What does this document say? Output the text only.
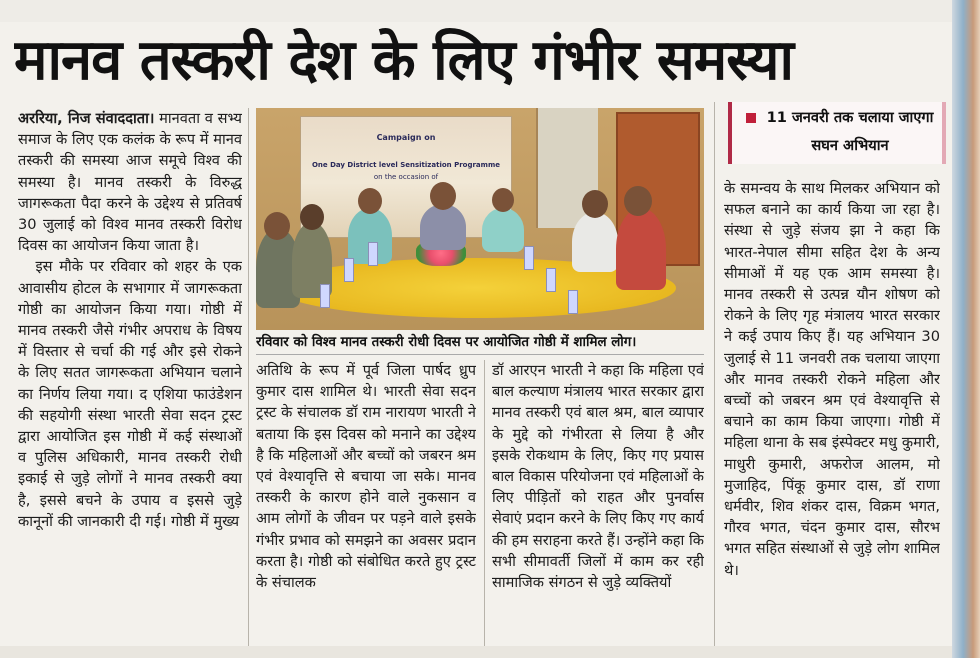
मानव तस्करी देश के लिए गंभीर समस्या

अररिया, निज संवाददाता। मानवता व सभ्य समाज के लिए एक कलंक के रूप में मानव तस्करी की समस्या आज समूचे विश्व की समस्या है। मानव तस्करी के विरुद्ध जागरूकता पैदा करने के उद्देश्य से प्रतिवर्ष 30 जुलाई को विश्व मानव तस्करी विरोध दिवस का आयोजन किया जाता है।

इस मौके पर रविवार को शहर के एक आवासीय होटल के सभागार में जागरूकता गोष्ठी का आयोजन किया गया। गोष्ठी में मानव तस्करी जैसे गंभीर अपराध के विषय में विस्तार से चर्चा की गई और इसे रोकने के लिए सतत जागरूकता अभियान चलाने का निर्णय लिया गया। द एशिया फाउंडेशन की सहयोगी संस्था भारती सेवा सदन ट्रस्ट द्वारा आयोजित इस गोष्ठी में कई संस्थाओं व पुलिस अधिकारी, मानव तस्करी रोधी इकाई से जुड़े लोगों ने मानव तस्करी क्या है, इससे बचने के उपाय व इससे जुड़े कानूनों की जानकारी दी गई। गोष्ठी में मुख्य

Campaign on
One Day District level Sensitization Programme
on the occasion of
रविवार को विश्व मानव तस्करी रोधी दिवस पर आयोजित गोष्ठी में शामिल लोग।

अतिथि के रूप में पूर्व जिला पार्षद ध्रुप कुमार दास शामिल थे। भारती सेवा सदन ट्रस्ट के संचालक डॉ राम नारायण भारती ने बताया कि इस दिवस को मनाने का उद्देश्य है कि महिलाओं और बच्चों को जबरन श्रम एवं वेश्यावृत्ति से बचाया जा सके। मानव तस्करी के कारण होने वाले नुकसान व आम लोगों के जीवन पर पड़ने वाले इसके गंभीर प्रभाव को समझने का अवसर प्रदान करता है। गोष्ठी को संबोधित करते हुए ट्रस्ट के संचालक

डॉ आरएन भारती ने कहा कि महिला एवं बाल कल्याण मंत्रालय भारत सरकार द्वारा मानव तस्करी एवं बाल श्रम, बाल व्यापार के मुद्दे को गंभीरता से लिया है और इसके रोकथाम के लिए, किए गए प्रयास बाल विकास परियोजना एवं महिलाओं के लिए पीड़ितों को राहत और पुनर्वास सेवाएं प्रदान करने के लिए किए गए कार्य की हम सराहना करते हैं। उन्होंने कहा कि सभी सीमावर्ती जिलों में काम कर रही सामाजिक संगठन से जुड़े व्यक्तियों

11 जनवरी तक चलाया जाएगा सघन अभियान

के समन्वय के साथ मिलकर अभियान को सफल बनाने का कार्य किया जा रहा है। संस्था से जुड़े संजय झा ने कहा कि भारत-नेपाल सीमा सहित देश के अन्य सीमाओं में यह एक आम समस्या है। मानव तस्करी से उत्पन्न यौन शोषण को रोकने के लिए गृह मंत्रालय भारत सरकार ने कई उपाय किए हैं। यह अभियान 30 जुलाई से 11 जनवरी तक चलाया जाएगा और मानव तस्करी रोकने महिला और बच्चों को जबरन श्रम एवं वेश्यावृत्ति से बचाने का काम किया जाएगा। गोष्ठी में महिला थाना के सब इंस्पेक्टर मधु कुमारी, माधुरी कुमारी, अफरोज आलम, मो मुजाहिद, पिंकू कुमार दास, डॉ राणा धर्मवीर, शिव शंकर दास, विक्रम भगत, गौरव भगत, चंदन कुमार दास, सौरभ भगत सहित संस्थाओं से जुड़े लोग शामिल थे।
